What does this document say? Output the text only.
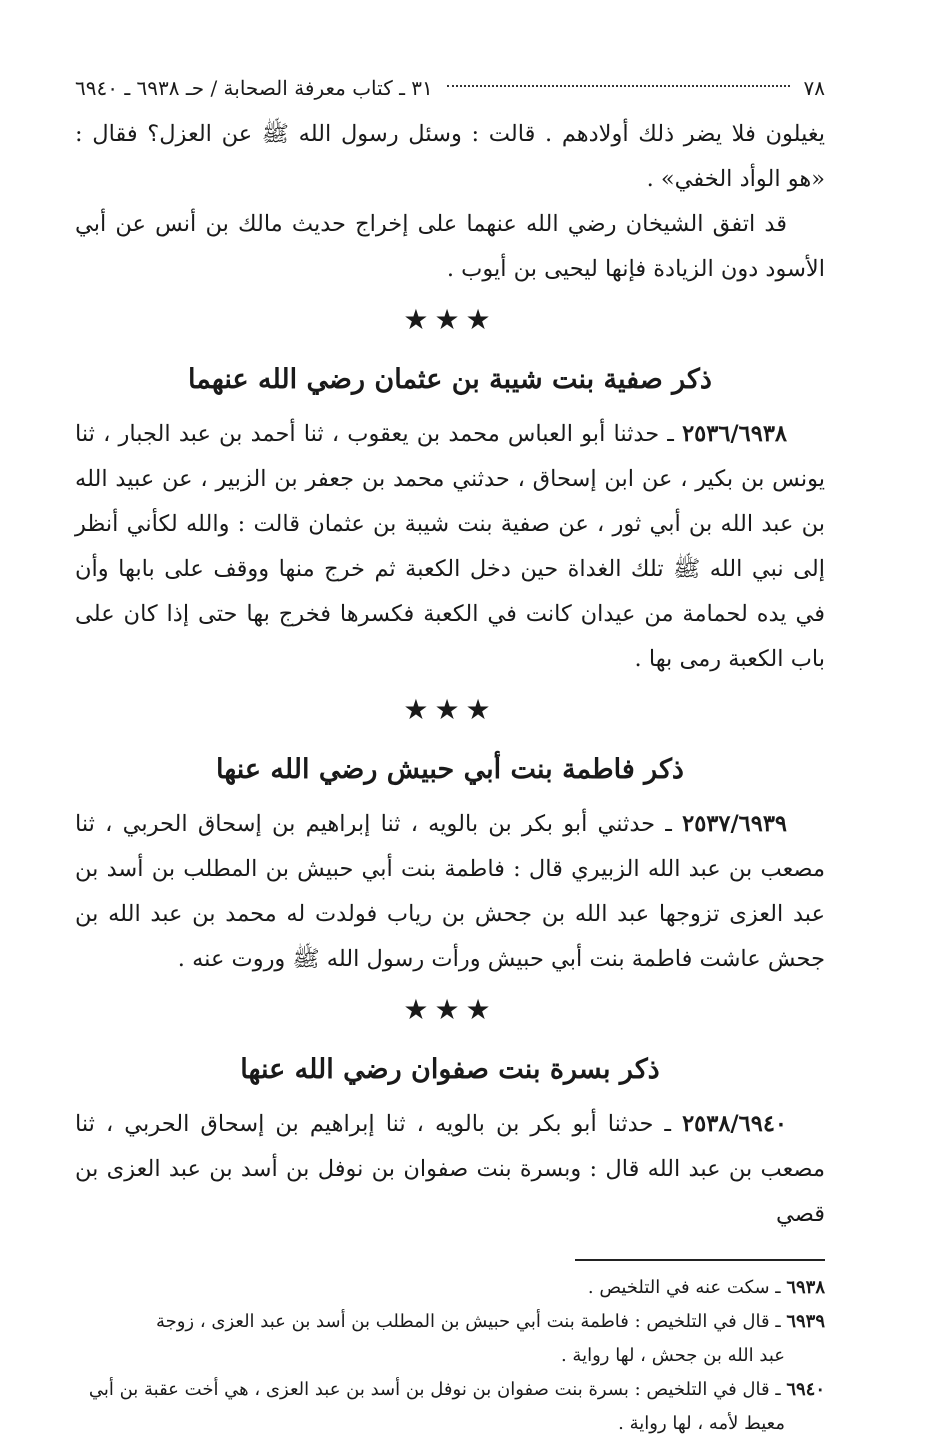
٧٨
٣١ ـ كتاب معرفة الصحابة / حـ ٦٩٣٨ ـ ٦٩٤٠

يغيلون فلا يضر ذلك أولادهم . قالت : وسئل رسول الله ﷺ عن العزل؟ فقال : «هو الوأد الخفي» .

قد اتفق الشيخان رضي الله عنهما على إخراج حديث مالك بن أنس عن أبي الأسود دون الزيادة فإنها ليحيى بن أيوب .

★★★
ذكر صفية بنت شيبة بن عثمان رضي الله عنهما

٢٥٣٦/٦٩٣٨ ـ حدثنا أبو العباس محمد بن يعقوب ، ثنا أحمد بن عبد الجبار ، ثنا يونس بن بكير ، عن ابن إسحاق ، حدثني محمد بن جعفر بن الزبير ، عن عبيد الله بن عبد الله بن أبي ثور ، عن صفية بنت شيبة بن عثمان قالت : والله لكأني أنظر إلى نبي الله ﷺ تلك الغداة حين دخل الكعبة ثم خرج منها ووقف على بابها وأن في يده لحمامة من عيدان كانت في الكعبة فكسرها فخرج بها حتى إذا كان على باب الكعبة رمى بها .

★★★
ذكر فاطمة بنت أبي حبيش رضي الله عنها

٢٥٣٧/٦٩٣٩ ـ حدثني أبو بكر بن بالويه ، ثنا إبراهيم بن إسحاق الحربي ، ثنا مصعب بن عبد الله الزبيري قال : فاطمة بنت أبي حبيش بن المطلب بن أسد بن عبد العزى تزوجها عبد الله بن جحش بن رياب فولدت له محمد بن عبد الله بن جحش عاشت فاطمة بنت أبي حبيش ورأت رسول الله ﷺ وروت عنه .

★★★
ذكر بسرة بنت صفوان رضي الله عنها

٢٥٣٨/٦٩٤٠ ـ حدثنا أبو بكر بن بالويه ، ثنا إبراهيم بن إسحاق الحربي ، ثنا مصعب بن عبد الله قال : وبسرة بنت صفوان بن نوفل بن أسد بن عبد العزى بن قصي

٦٩٣٨ ـ سكت عنه في التلخيص .

٦٩٣٩ ـ قال في التلخيص : فاطمة بنت أبي حبيش بن المطلب بن أسد بن عبد العزى ، زوجة
عبد الله بن جحش ، لها رواية .

٦٩٤٠ ـ قال في التلخيص : بسرة بنت صفوان بن نوفل بن أسد بن عبد العزى ، هي أخت عقبة بن أبي
معيط لأمه ، لها رواية .
